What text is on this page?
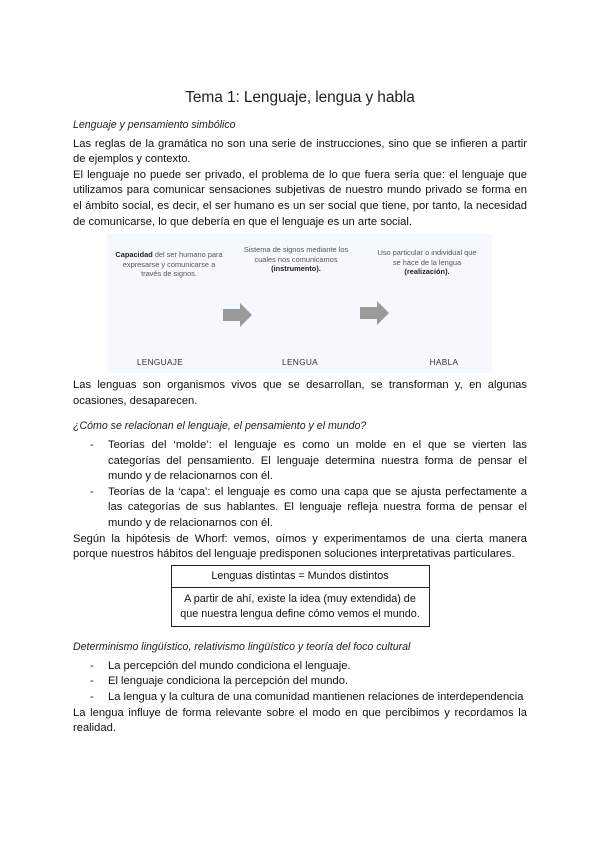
Tema 1: Lenguaje, lengua y habla

Lenguaje y pensamiento simbólico

Las reglas de la gramática no son una serie de instrucciones, sino que se infieren a partir de ejemplos y contexto.

El lenguaje no puede ser privado, el problema de lo que fuera sería que: el lenguaje que utilizamos para comunicar sensaciones subjetivas de nuestro mundo privado se forma en el ámbito social, es decir, el ser humano es un ser social que tiene, por tanto, la necesidad de comunicarse, lo que debería en que el lenguaje es un arte social.

Capacidad del ser humano para expresarse y comunicarse a través de signos.
Sistema de signos mediante los cuales nos comunicamos (instrumento).
Uso particular o individual que se hace de la lengua (realización).
LENGUAJE	LENGUA	HABLA

Las lenguas son organismos vivos que se desarrollan, se transforman y, en algunas ocasiones, desaparecen.

¿Cómo se relacionan el lenguaje, el pensamiento y el mundo?

- Teorías del ‘molde’: el lenguaje es como un molde en el que se vierten las categorías del pensamiento. El lenguaje determina nuestra forma de pensar el mundo y de relacionarnos con él.
- Teorías de la ‘capa’: el lenguaje es como una capa que se ajusta perfectamente a las categorías de sus hablantes. El lenguaje refleja nuestra forma de pensar el mundo y de relacionarnos con él.

Según la hipótesis de Whorf: vemos, oímos y experimentamos de una cierta manera porque nuestros hábitos del lenguaje predisponen soluciones interpretativas particulares.

Lenguas distintas = Mundos distintos
A partir de ahí, existe la idea (muy extendida) de que nuestra lengua define cómo vemos el mundo.

Determinismo lingüístico, relativismo lingüístico y teoría del foco cultural

- La percepción del mundo condiciona el lenguaje.
- El lenguaje condiciona la percepción del mundo.
- La lengua y la cultura de una comunidad mantienen relaciones de interdependencia

La lengua influye de forma relevante sobre el modo en que percibimos y recordamos la realidad.
